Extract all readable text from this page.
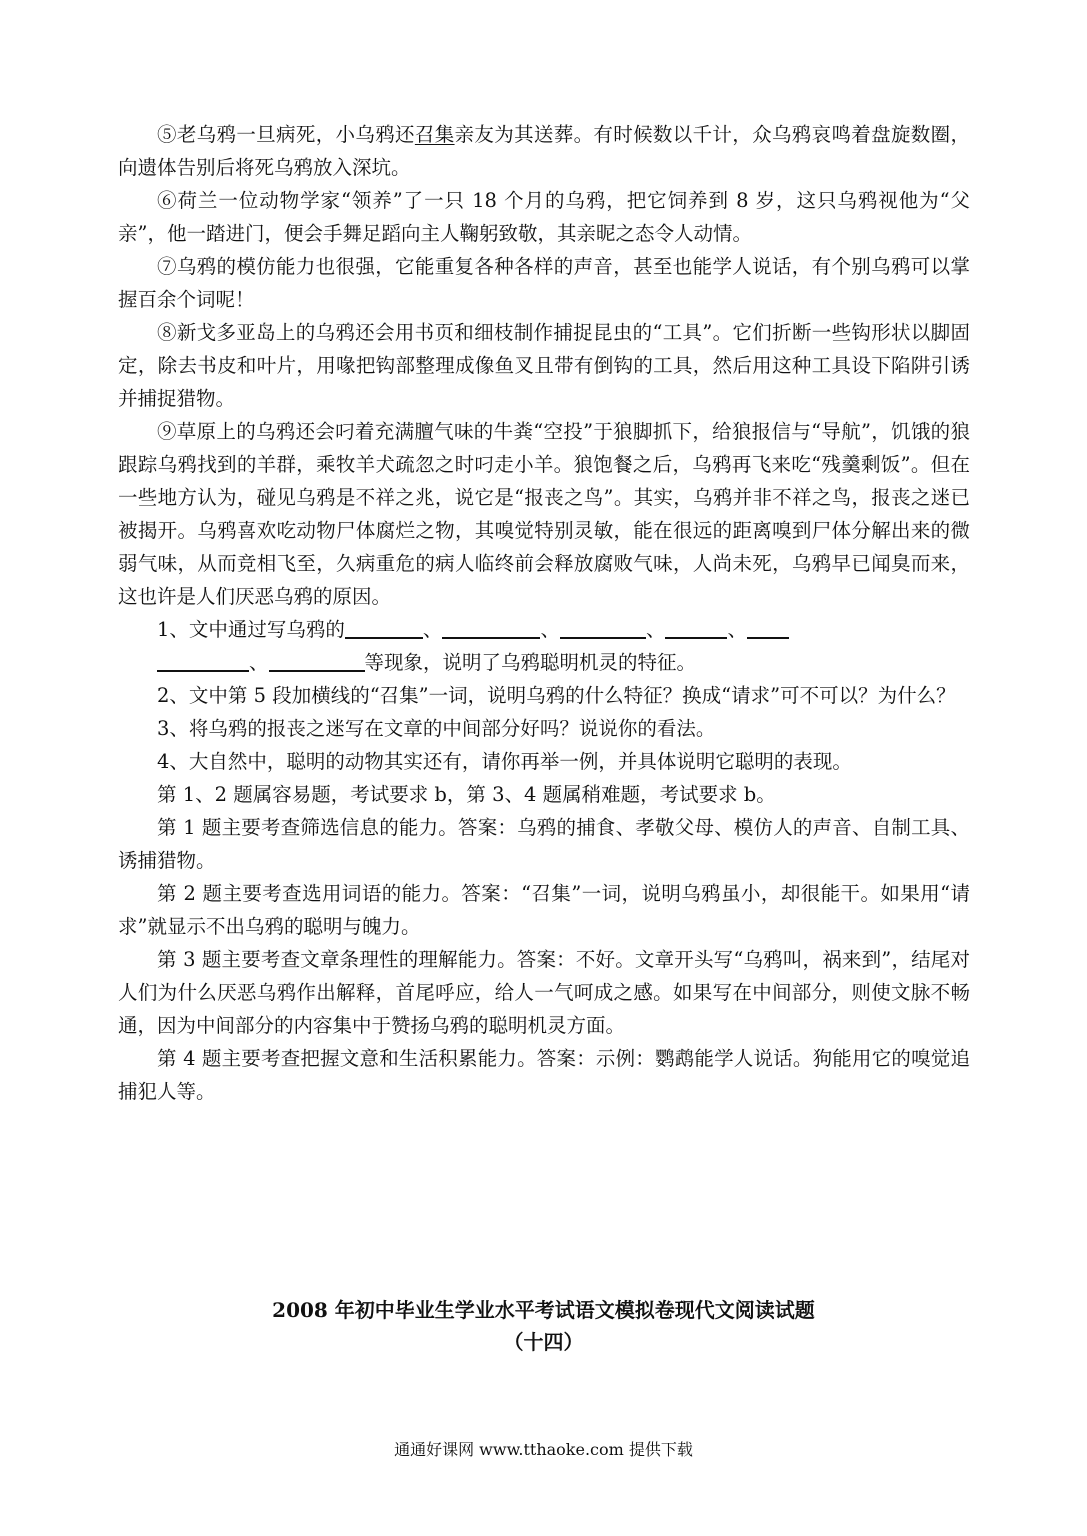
⑤老乌鸦一旦病死，小乌鸦还召集亲友为其送葬。有时候数以千计，众乌鸦哀鸣着盘旋数圈，向遗体告别后将死乌鸦放入深坑。

⑥荷兰一位动物学家“领养”了一只 18 个月的乌鸦，把它饲养到 8 岁，这只乌鸦视他为“父亲”，他一踏进门，便会手舞足蹈向主人鞠躬致敬，其亲昵之态令人动情。

⑦乌鸦的模仿能力也很强，它能重复各种各样的声音，甚至也能学人说话，有个别乌鸦可以掌握百余个词呢！

⑧新戈多亚岛上的乌鸦还会用书页和细枝制作捕捉昆虫的“工具”。它们折断一些钩形状以脚固定，除去书皮和叶片，用喙把钩部整理成像鱼叉且带有倒钩的工具，然后用这种工具设下陷阱引诱并捕捉猎物。

⑨草原上的乌鸦还会叼着充满膻气味的牛粪“空投”于狼脚抓下，给狼报信与“导航”，饥饿的狼跟踪乌鸦找到的羊群，乘牧羊犬疏忽之时叼走小羊。狼饱餐之后，乌鸦再飞来吃“残羹剩饭”。但在一些地方认为，碰见乌鸦是不祥之兆，说它是“报丧之鸟”。其实，乌鸦并非不祥之鸟，报丧之迷已被揭开。乌鸦喜欢吃动物尸体腐烂之物，其嗅觉特别灵敏，能在很远的距离嗅到尸体分解出来的微弱气味，从而竞相飞至，久病重危的病人临终前会释放腐败气味，人尚未死，乌鸦早已闻臭而来，这也许是人们厌恶乌鸦的原因。

1、文中通过写乌鸦的	、	、	、	、

、	等现象，说明了乌鸦聪明机灵的特征。

2、文中第 5 段加横线的“召集”一词，说明乌鸦的什么特征？换成“请求”可不可以？为什么？

3、将乌鸦的报丧之迷写在文章的中间部分好吗？说说你的看法。

4、大自然中，聪明的动物其实还有，请你再举一例，并具体说明它聪明的表现。

第 1、2 题属容易题，考试要求 b，第 3、4 题属稍难题，考试要求 b。

第 1 题主要考查筛选信息的能力。答案：乌鸦的捕食、孝敬父母、模仿人的声音、自制工具、诱捕猎物。

第 2 题主要考查选用词语的能力。答案：“召集”一词，说明乌鸦虽小，却很能干。如果用“请求”就显示不出乌鸦的聪明与魄力。

第 3 题主要考查文章条理性的理解能力。答案：不好。文章开头写“乌鸦叫，祸来到”，结尾对人们为什么厌恶乌鸦作出解释，首尾呼应，给人一气呵成之感。如果写在中间部分，则使文脉不畅通，因为中间部分的内容集中于赞扬乌鸦的聪明机灵方面。

第 4 题主要考查把握文意和生活积累能力。答案：示例：鹦鹉能学人说话。狗能用它的嗅觉追捕犯人等。

2008 年初中毕业生学业水平考试语文模拟卷现代文阅读试题
（十四）
通通好课网 www.tthaoke.com 提供下载
